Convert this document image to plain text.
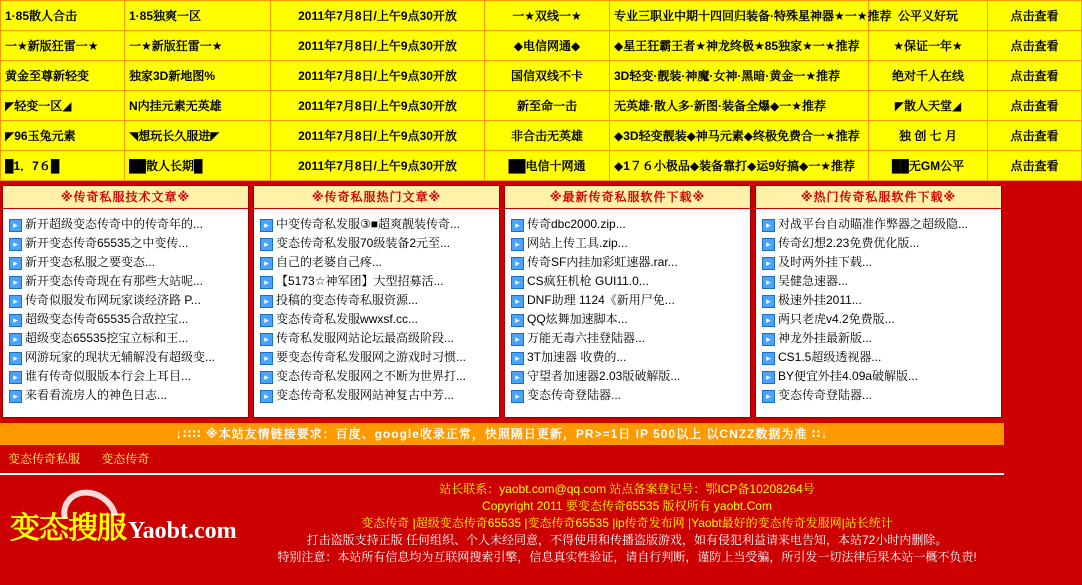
1·85散人合击	1·85独爽一区	2011年7月8日/上午9点30开放	一★双线一★	专业三职业中期十四回归装备·特殊星神器★一★推荐	公平义好玩	点击查看
一★新版狂雷一★	一★新版狂雷一★	2011年7月8日/上午9点30开放	◆电信网通◆	◆星王狂霸王者★神龙终极★85独家★一★推荐	★保证一年★	点击查看
黄金至尊新轻变	独家3D新地图%	2011年7月8日/上午9点30开放	国信双线不卡	3D轻变·靓装·神魔·女神·黑暗·黄金一★推荐	绝对千人在线	点击查看
◤轻变一区◢	N内挂元素无英雄	2011年7月8日/上午9点30开放	新至命一击	无英雄·散人多·新图·装备全爆◆一★推荐	◤散人天堂◢	点击查看
◤96玉兔元素	◥想玩长久服进◤	2011年7月8日/上午9点30开放	非合击无英雄	◆3D轻变靓装◆神马元素◆终极免费合一★推荐	独 创 七 月	点击查看
█1．7６█	██散人长期█	2011年7月8日/上午9点30开放	██电信十网通	◆1７６小极品◆装备靠打◆运9好搞◆一★推荐	██无GM公平	点击查看
※传奇私服技术文章※
▸ 新开超级变态传奇中的传奇年的...
▸ 新开变态传奇65535之中变传...
▸ 新开变态私服之要变态...
▸ 新开变态传奇现在有那些大站呢...
▸ 传奇似服发布网玩家谈经济路 P...
▸ 超级变态传奇65535合敌控宝...
▸ 超级变态65535挖宝立标和王...
▸ 网游玩家的现状无辅解没有超级变...
▸ 谁有传奇似服版本行会上耳目...
▸ 来看看流房人的神色日志...
※传奇私服热门文章※
▸ 中变传奇私发服③■超爽靓装传奇...
▸ 变态传奇私发服70级装备2元至...
▸ 自己的老婆自己疼...
▸ 【5173☆神军团】大型招募活...
▸ 投稿的变态传奇私服资源...
▸ 变态传奇私发服wwxsf.cc...
▸ 传奇私发服网站论坛最高级阶段...
▸ 要变态传奇私发服网之游戏时习惯...
▸ 变态传奇私发服网之不断为世界打...
▸ 变态传奇私发服网站神复古中芳...
※最新传奇私服软件下载※
▸ 传奇dbc2000.zip...
▸ 网站上传工具.zip...
▸ 传奇SF内挂加彩虹速器.rar...
▸ CS疯狂机枪 GUI11.0...
▸ DNF助理 1124《新用尸免...
▸ QQ炫舞加速脚本...
▸ 万能无毒六挂登陆器...
▸ 3T加速器 收费的...
▸ 守望者加速器2.03版破解版...
▸ 变态传奇登陆器...
※热门传奇私服软件下载※
▸ 对战平台自动瞄准作弊器之超级隐...
▸ 传奇幻想2.23免费优化版...
▸ 及时两外挂下载...
▸ 吴健急速器...
▸ 极速外挂2011...
▸ 两只老虎v4.2免费版...
▸ 神龙外挂最新版...
▸ CS1.5超级透视器...
▸ BY便宜外挂4.09a破解版...
▸ 变态传奇登陆器...
↓∷∷ ※本站友情链接要求：百度、google收录正常，快照隔日更新，PR>=1日 IP 500以上 以CNZZ数据为准 ∷↓
变态传奇私服 变态传奇
变态搜服Yaobt.com
站长联系：yaobt.com@qq.com 站点备案登记号：鄂ICP备10208264号
Copyright 2011 要变态传奇65535 版权所有 yaobt.Com
变态传奇 |超级变态传奇65535 |变态传奇65535 |ip传奇发布网 |Yaobt最好的变态传奇发服网|站长统计
打击盗版支持正版 任何组织、个人未经同意，不得使用和传播盗版游戏，如有侵犯利益请来电告知，本站72小时内删除。
特别注意：本站所有信息均为互联网搜索引擎，信息真实性验证，请自行判断，谨防上当受骗，所引发一切法律后果本站一概不负责!
